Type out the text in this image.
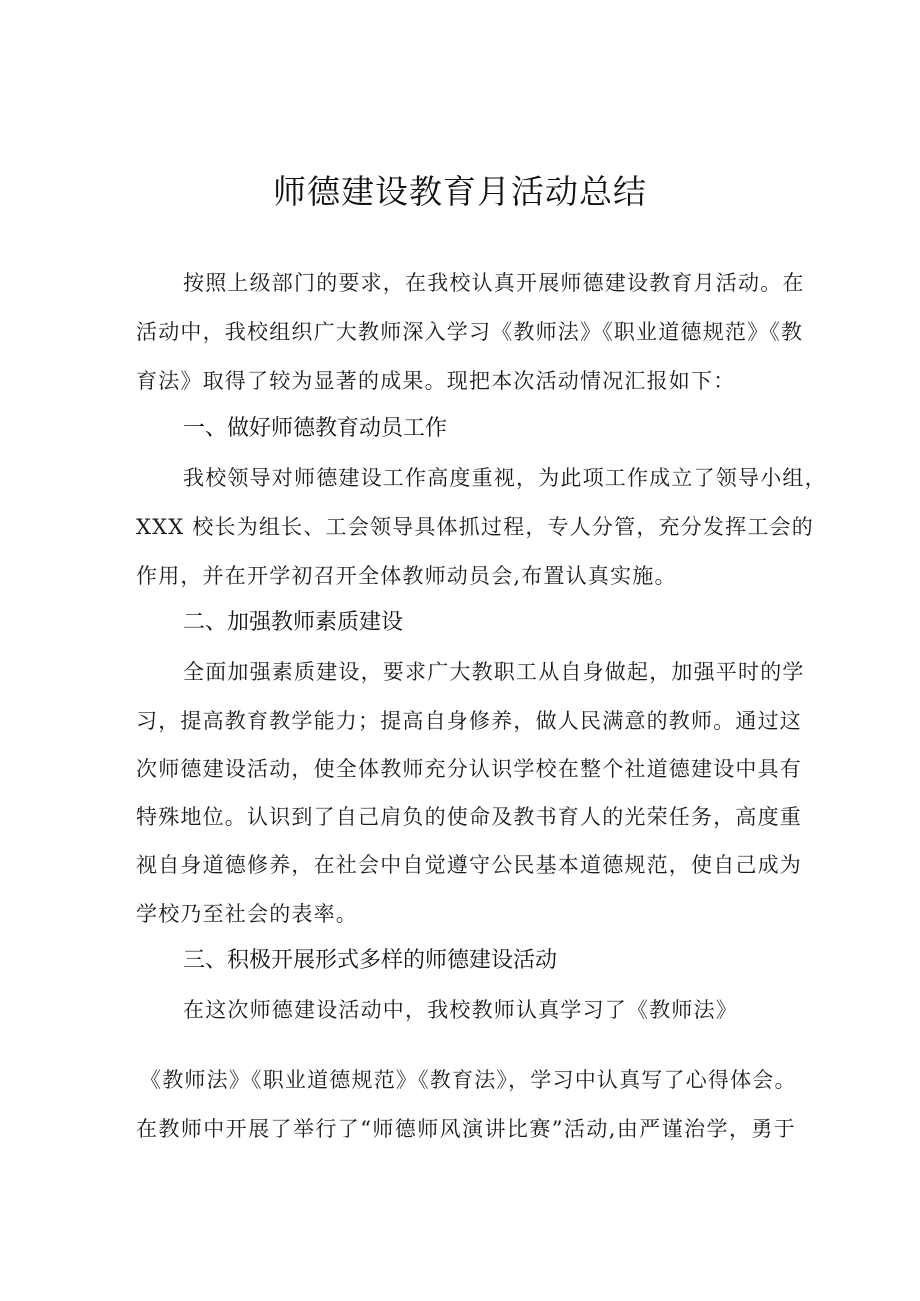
师德建设教育月活动总结
按照上级部门的要求，在我校认真开展师德建设教育月活动。在
活动中，我校组织广大教师深入学习《教师法》《职业道德规范》《教
育法》取得了较为显著的成果。现把本次活动情况汇报如下：
一、做好师德教育动员工作
我校领导对师德建设工作高度重视，为此项工作成立了领导小组，
XXX 校长为组长、工会领导具体抓过程，专人分管，充分发挥工会的
作用，并在开学初召开全体教师动员会,布置认真实施。
二、加强教师素质建设
全面加强素质建设，要求广大教职工从自身做起，加强平时的学
习，提高教育教学能力；提高自身修养，做人民满意的教师。通过这
次师德建设活动，使全体教师充分认识学校在整个社道德建设中具有
特殊地位。认识到了自己肩负的使命及教书育人的光荣任务，高度重
视自身道德修养，在社会中自觉遵守公民基本道德规范，使自己成为
学校乃至社会的表率。
三、积极开展形式多样的师德建设活动
在这次师德建设活动中，我校教师认真学习了《教师法》
《教师法》《职业道德规范》《教育法》，学习中认真写了心得体会。
在教师中开展了举行了“师德师风演讲比赛”活动,由严谨治学，勇于
